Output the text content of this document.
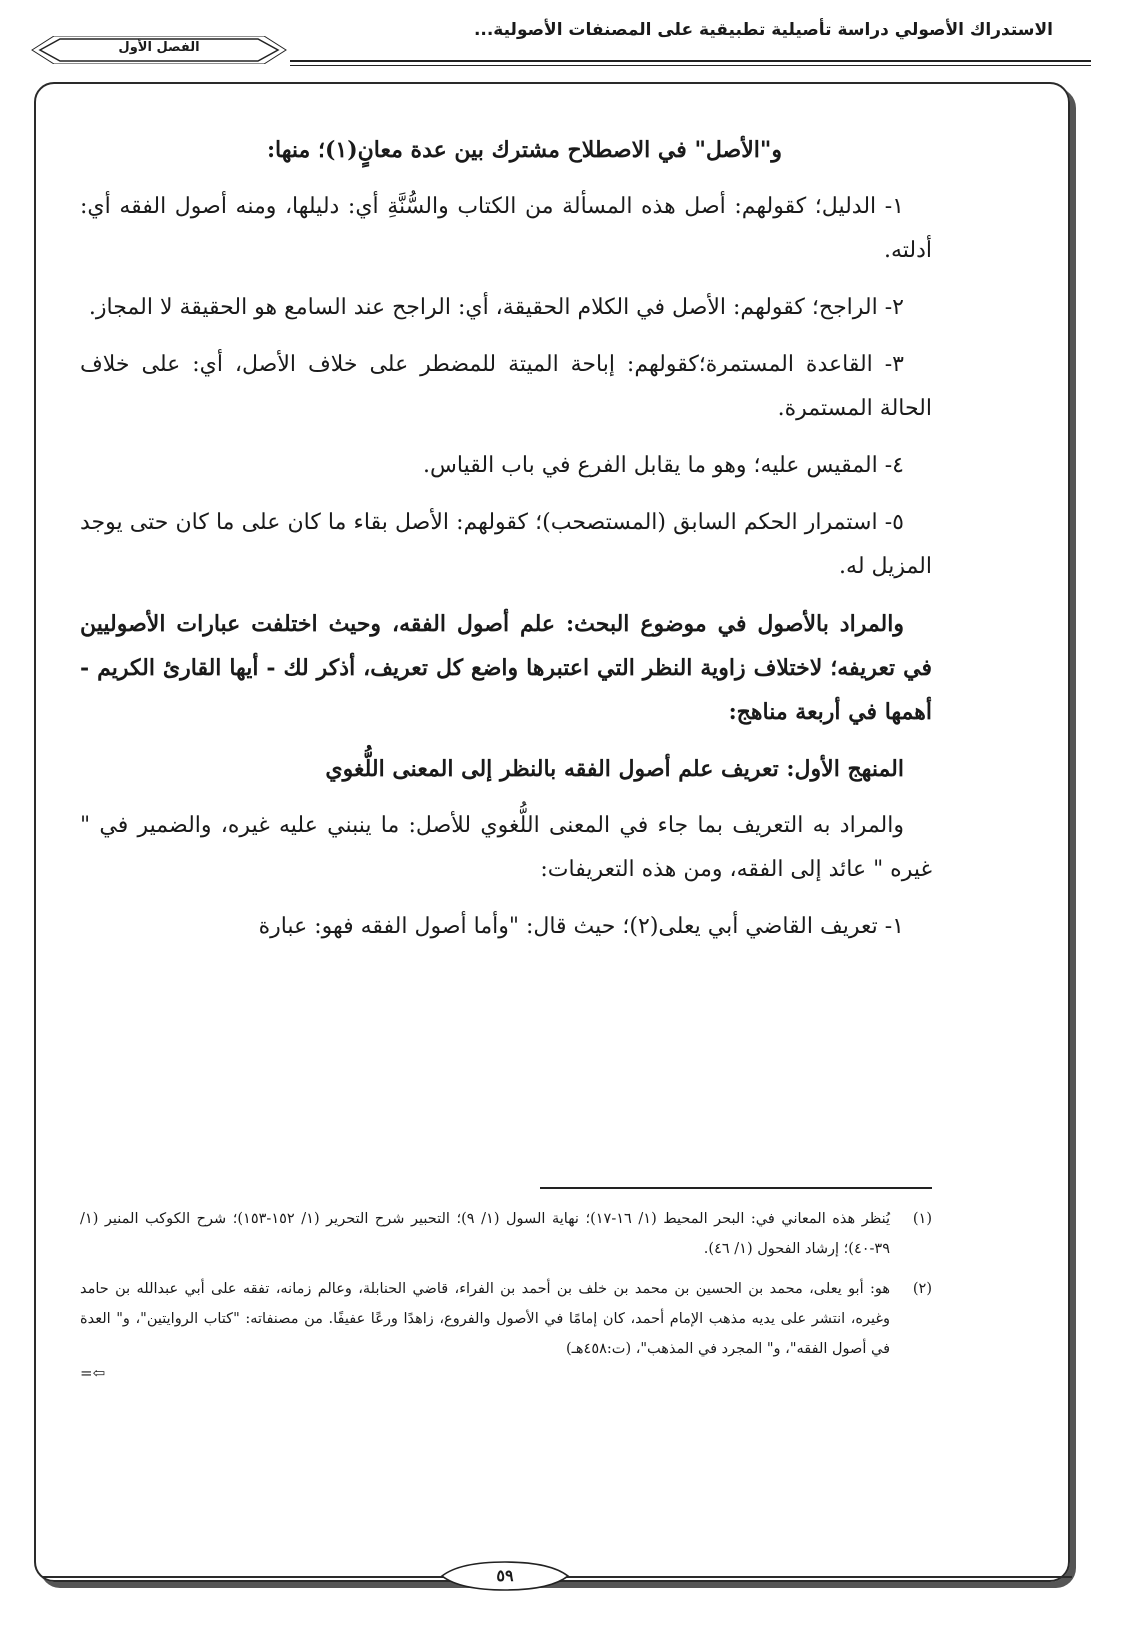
الاستدراك الأصولي دراسة تأصيلية تطبيقية على المصنفات الأصولية...
الفصل الأول

و"الأصل" في الاصطلاح مشترك بين عدة معانٍ(١)؛ منها:

١- الدليل؛ كقولهم: أصل هذه المسألة من الكتاب والسُّنَّةِ أي: دليلها، ومنه أصول الفقه أي: أدلته.

٢- الراجح؛ كقولهم: الأصل في الكلام الحقيقة، أي: الراجح عند السامع هو الحقيقة لا المجاز.

٣- القاعدة المستمرة؛كقولهم: إباحة الميتة للمضطر على خلاف الأصل، أي: على خلاف الحالة المستمرة.

٤- المقيس عليه؛ وهو ما يقابل الفرع في باب القياس.

٥- استمرار الحكم السابق (المستصحب)؛ كقولهم: الأصل بقاء ما كان على ما كان حتى يوجد المزيل له.

والمراد بالأصول في موضوع البحث: علم أصول الفقه، وحيث اختلفت عبارات الأصوليين في تعريفه؛ لاختلاف زاوية النظر التي اعتبرها واضع كل تعريف، أذكر لك - أيها القارئ الكريم - أهمها في أربعة مناهج:

المنهج الأول: تعريف علم أصول الفقه بالنظر إلى المعنى اللُّغوي

والمراد به التعريف بما جاء في المعنى اللُّغوي للأصل: ما ينبني عليه غيره، والضمير في " غيره " عائد إلى الفقه، ومن هذه التعريفات:

١- تعريف القاضي أبي يعلى(٢)؛ حيث قال: "وأما أصول الفقه فهو: عبارة

(١)
يُنظر هذه المعاني في: البحر المحيط (١/ ١٦-١٧)؛ نهاية السول (١/ ٩)؛ التحبير شرح التحرير (١/ ١٥٢-١٥٣)؛ شرح الكوكب المنير (١/ ٣٩-٤٠)؛ إرشاد الفحول (١/ ٤٦).
(٢)
هو: أبو يعلى، محمد بن الحسين بن محمد بن خلف بن أحمد بن الفراء، قاضي الحنابلة، وعالم زمانه، تفقه على أبي عبدالله بن حامد وغيره، انتشر على يديه مذهب الإمام أحمد، كان إمامًا في الأصول والفروع، زاهدًا ورعًا عفيفًا. من مصنفاته: "كتاب الروايتين"، و" العدة في أصول الفقه"، و" المجرد في المذهب"، (ت:٤٥٨هـ)
=⇦
٥٩
